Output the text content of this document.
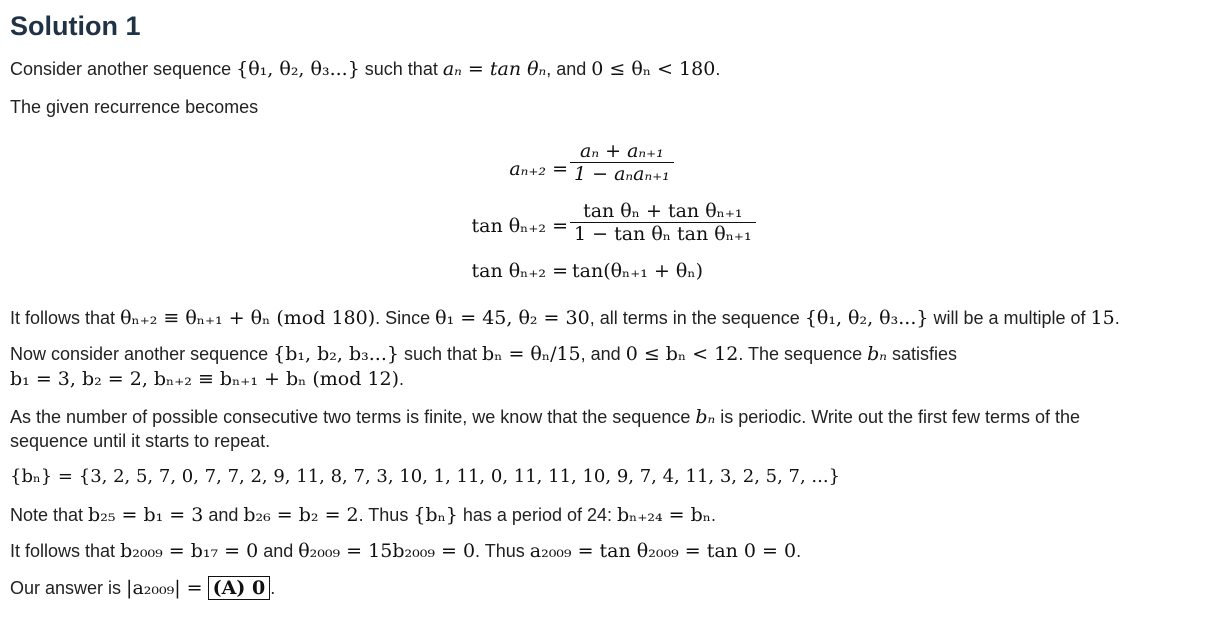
Solution 1
Consider another sequence {θ₁, θ₂, θ₃...} such that aₙ = tan θₙ, and 0 ≤ θₙ < 180.
The given recurrence becomes
aₙ₊₂ =
aₙ + aₙ₊₁
1 − aₙaₙ₊₁
$\tan \theta_{n+2} = \frac{\text{tan θₙ + tan θₙ₊₁}}{\text{1 − tan θₙ tan θₙ₊₁}}$
tan θₙ₊₂ = tan(θₙ₊₁ + θₙ)
It follows that θₙ₊₂ ≡ θₙ₊₁ + θₙ (mod 180). Since θ₁ = 45, θ₂ = 30, all terms in the sequence {θ₁, θ₂, θ₃...} will be a multiple of 15.
Now consider another sequence {b₁, b₂, b₃...} such that bₙ = θₙ/15, and 0 ≤ bₙ < 12. The sequence bₙ satisfies
b₁ = 3, b₂ = 2, bₙ₊₂ ≡ bₙ₊₁ + bₙ (mod 12).
As the number of possible consecutive two terms is finite, we know that the sequence bₙ is periodic. Write out the first few terms of the
sequence until it starts to repeat.
{bₙ} = {3, 2, 5, 7, 0, 7, 7, 2, 9, 11, 8, 7, 3, 10, 1, 11, 0, 11, 11, 10, 9, 7, 4, 11, 3, 2, 5, 7, ...}
Note that b₂₅ = b₁ = 3 and b₂₆ = b₂ = 2. Thus {bₙ} has a period of 24: bₙ₊₂₄ = bₙ.
It follows that b₂₀₀₉ = b₁₇ = 0 and θ₂₀₀₉ = 15b₂₀₀₉ = 0. Thus a₂₀₀₉ = tan θ₂₀₀₉ = tan 0 = 0.
Our answer is |a₂₀₀₉| = (A) 0 .
